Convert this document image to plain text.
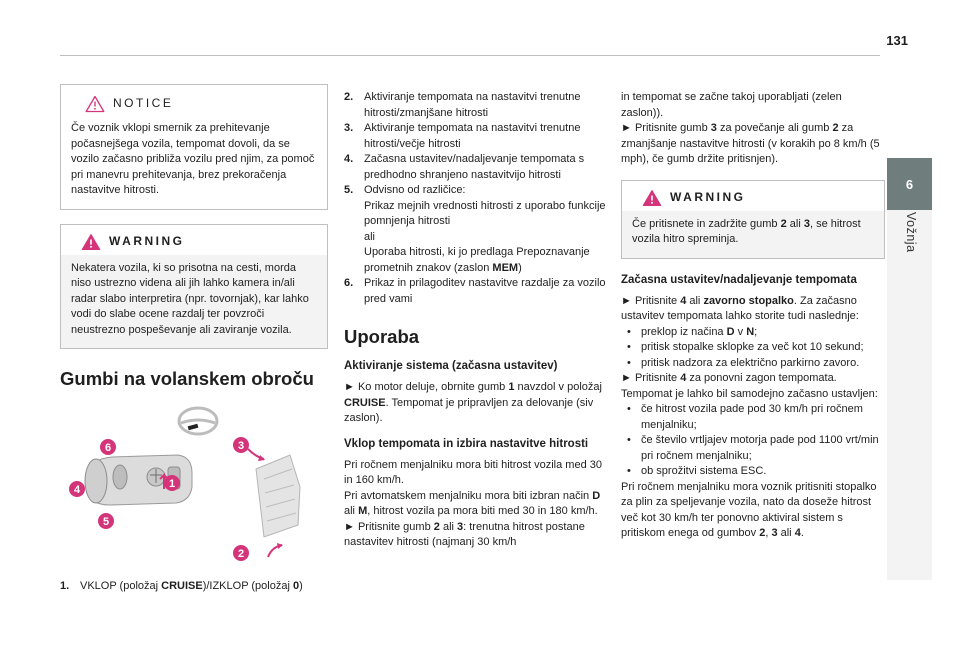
131
6
Vožnja
NOTICE

Če voznik vklopi smernik za prehitevanje počasnejšega vozila, tempomat dovoli, da se vozilo začasno približa vozilu pred njim, za pomoč pri manevru prehitevanja, brez prekoračenja nastavitve hitrosti.

WARNING

Nekatera vozila, ki so prisotna na cesti, morda niso ustrezno videna ali jih lahko kamera in/ali radar slabo interpretira (npr. tovornjak), kar lahko vodi do slabe ocene razdalj ter povzroči neustrezno pospeševanje ali zaviranje vozila.

Gumbi na volanskem obroču
6
4
5
1
3
2
1. VKLOP (položaj CRUISE)/IZKLOP (položaj 0)
2. Aktiviranje tempomata na nastavitvi trenutne hitrosti/zmanjšane hitrosti
3. Aktiviranje tempomata na nastavitvi trenutne hitrosti/večje hitrosti
4. Začasna ustavitev/nadaljevanje tempomata s predhodno shranjeno nastavitvijo hitrosti
5. Odvisno od različice:
Prikaz mejnih vrednosti hitrosti z uporabo funkcije pomnjenja hitrosti
ali
Uporaba hitrosti, ki jo predlaga Prepoznavanje prometnih znakov (zaslon MEM)
6. Prikaz in prilagoditev nastavitve razdalje za vozilo pred vami
Uporaba
Aktiviranje sistema (začasna ustavitev)

► Ko motor deluje, obrnite gumb 1 navzdol v položaj CRUISE. Tempomat je pripravljen za delovanje (siv zaslon).

Vklop tempomata in izbira nastavitve hitrosti

Pri ročnem menjalniku mora biti hitrost vozila med 30 in 160 km/h.

Pri avtomatskem menjalniku mora biti izbran način D ali M, hitrost vozila pa mora biti med 30 in 180 km/h.

► Pritisnite gumb 2 ali 3: trenutna hitrost postane nastavitev hitrosti (najmanj 30 km/h

in tempomat se začne takoj uporabljati (zelen zaslon)).

► Pritisnite gumb 3 za povečanje ali gumb 2 za zmanjšanje nastavitve hitrosti (v korakih po 8 km/h (5 mph), če gumb držite pritisnjen).

WARNING

Če pritisnete in zadržite gumb 2 ali 3, se hitrost vozila hitro spreminja.

Začasna ustavitev/nadaljevanje tempomata

► Pritisnite 4 ali zavorno stopalko. Za začasno ustavitev tempomata lahko storite tudi naslednje:

• preklop iz načina D v N;
• pritisk stopalke sklopke za več kot 10 sekund;
• pritisk nadzora za električno parkirno zavoro.

► Pritisnite 4 za ponovni zagon tempomata.

Tempomat je lahko bil samodejno začasno ustavljen:

• če hitrost vozila pade pod 30 km/h pri ročnem menjalniku;
• če število vrtljajev motorja pade pod 1100 vrt/min pri ročnem menjalniku;
• ob sprožitvi sistema ESC.

Pri ročnem menjalniku mora voznik pritisniti stopalko za plin za speljevanje vozila, nato da doseže hitrost več kot 30 km/h ter ponovno aktiviral sistem s pritiskom enega od gumbov 2, 3 ali 4.
